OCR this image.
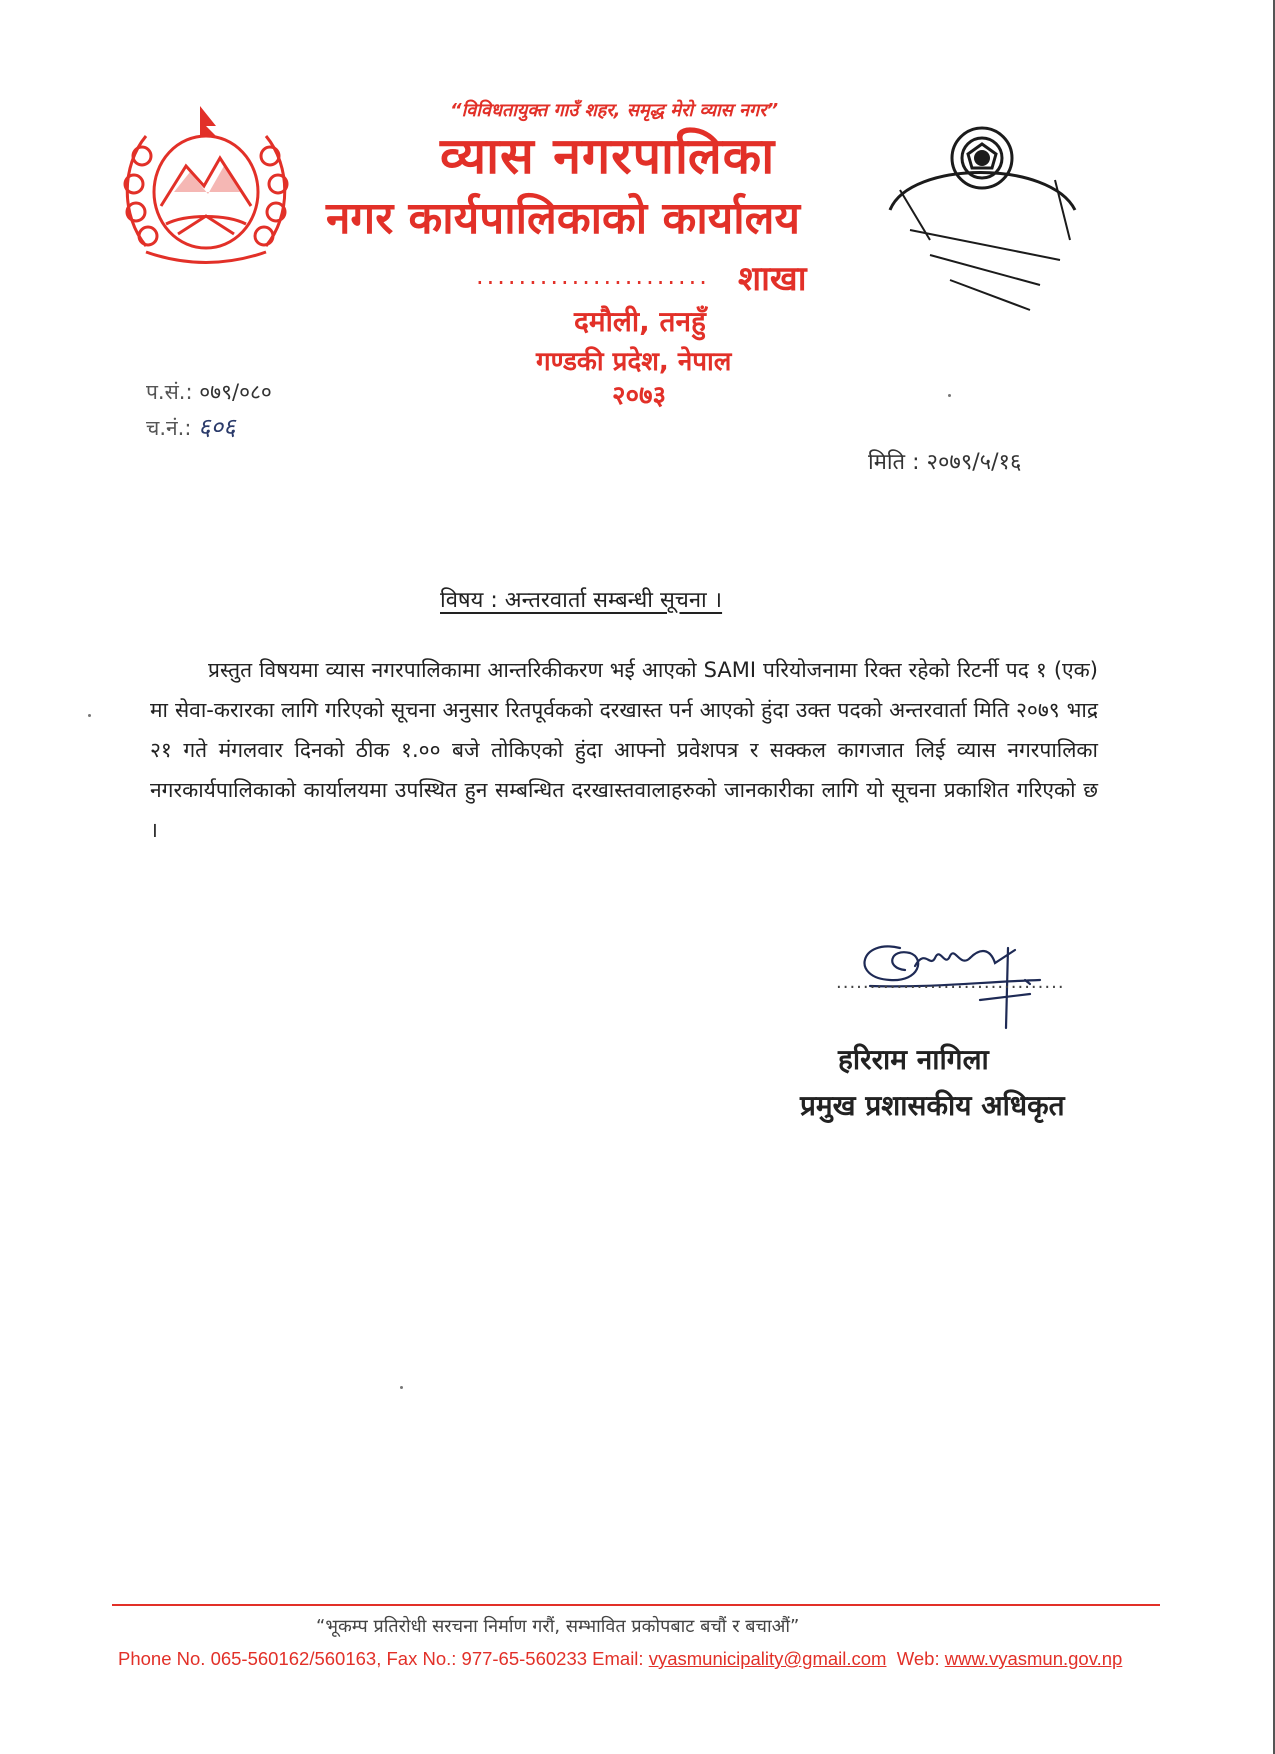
“विविधतायुक्त गाउँ शहर, समृद्ध मेरो व्यास नगर”
व्यास नगरपालिका
नगर कार्यपालिकाको कार्यालय
...................... शाखा
दमौली, तनहुँ
गण्डकी प्रदेश, नेपाल
२०७३
प.सं.: ०७९/०८०
च.नं.: ६०६
मिति : २०७९/५/१६
विषय : अन्तरवार्ता सम्बन्धी सूचना ।

प्रस्तुत विषयमा व्यास नगरपालिकामा आन्तरिकीकरण भई आएको SAMI परियोजनामा रिक्त रहेको रिटर्नी पद १ (एक) मा सेवा-करारका लागि गरिएको सूचना अनुसार रितपूर्वकको दरखास्त पर्न आएको हुंदा उक्त पदको अन्तरवार्ता मिति २०७९ भाद्र २१ गते मंगलवार दिनको ठीक १.०० बजे तोकिएको हुंदा आफ्नो प्रवेशपत्र र सक्कल कागजात लिई व्यास नगरपालिका नगरकार्यपालिकाको कार्यालयमा उपस्थित हुन सम्बन्धित दरखास्तवालाहरुको जानकारीका लागि यो सूचना प्रकाशित गरिएको छ ।

..................................
हरिराम नागिला
प्रमुख प्रशासकीय अधिकृत
“भूकम्प प्रतिरोधी सरचना निर्माण गरौं, सम्भावित प्रकोपबाट बचौं र बचाऔं”
Phone No. 065-560162/560163, Fax No.: 977-65-560233 Email: vyasmunicipality@gmail.com Web: www.vyasmun.gov.np
